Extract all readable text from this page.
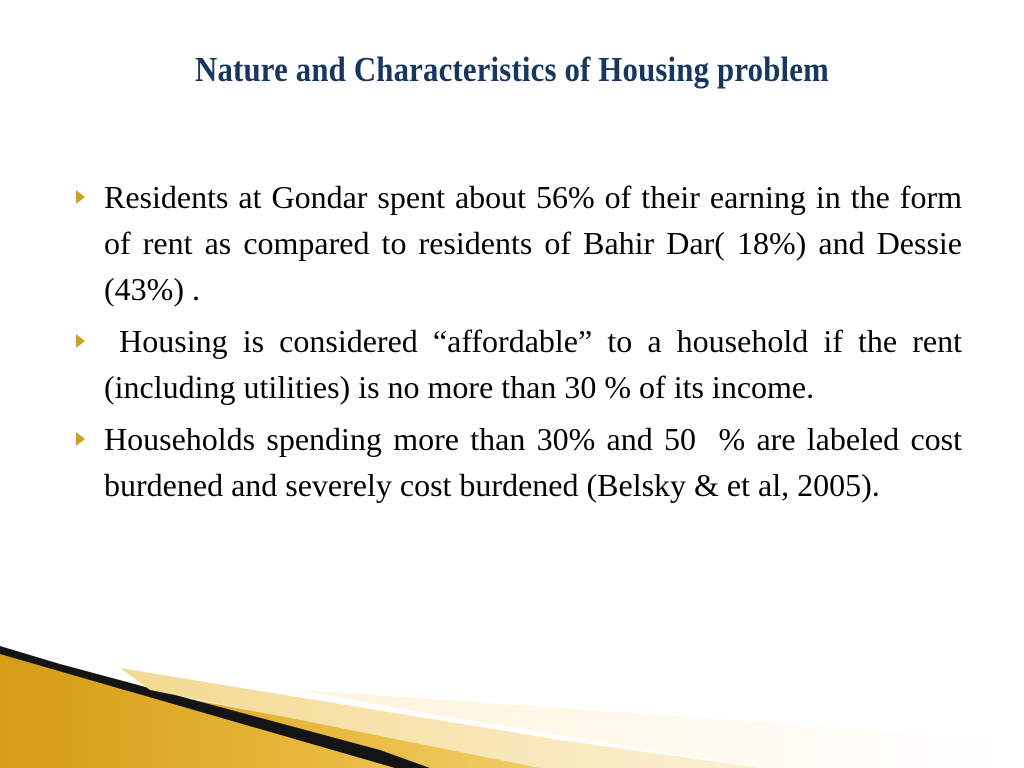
Nature and Characteristics of Housing problem
Residents at Gondar spent about 56% of their earning in the form of rent as compared to residents of Bahir Dar( 18%) and Dessie (43%) .
Housing is considered “affordable” to a household if the rent (including utilities) is no more than 30 % of its income.
Households spending more than 30% and 50  % are labeled cost burdened and severely cost burdened (Belsky & et al, 2005).
